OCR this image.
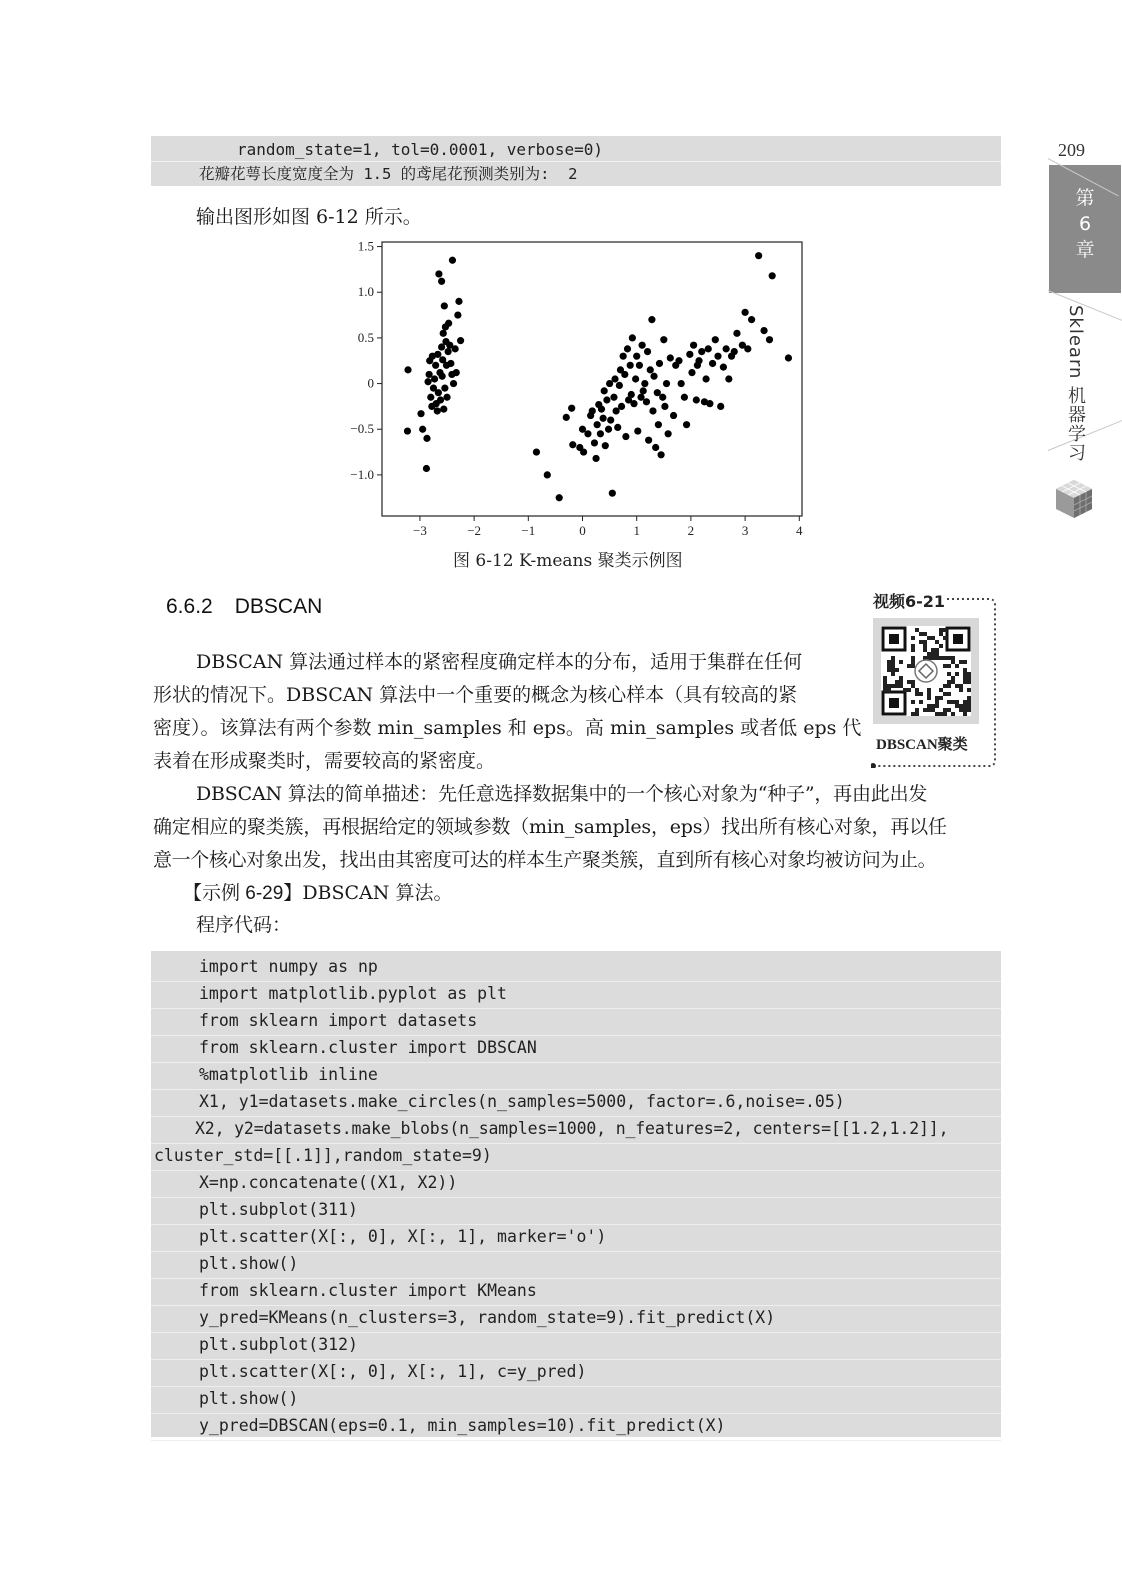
random_state=1, tol=0.0001, verbose=0)
花瓣花萼长度宽度全为 1.5 的鸢尾花预测类别为:  2
209
第
6
章
Sklearn 机器学习
输出图形如图 6-12 所示。
−3	−2	−1	0	1	2	3	4
−1.0
−0.5
0
0.5
1.0
1.5
图 6-12 K-means 聚类示例图
6.6.2 DBSCAN	视频6-21
DBSCAN聚类
DBSCAN 算法通过样本的紧密程度确定样本的分布，适用于集群在任何
形状的情况下。DBSCAN 算法中一个重要的概念为核心样本（具有较高的紧
密度）。该算法有两个参数 min_samples 和 eps。高 min_samples 或者低 eps 代
表着在形成聚类时，需要较高的紧密度。
DBSCAN 算法的简单描述：先任意选择数据集中的一个核心对象为“种子”，再由此出发
确定相应的聚类簇，再根据给定的领域参数（min_samples，eps）找出所有核心对象，再以任
意一个核心对象出发，找出由其密度可达的样本生产聚类簇，直到所有核心对象均被访问为止。
【示例 6-29】DBSCAN 算法。
程序代码：
import numpy as np
import matplotlib.pyplot as plt
from sklearn import datasets
from sklearn.cluster import DBSCAN
%matplotlib inline
X1, y1=datasets.make_circles(n_samples=5000, factor=.6,noise=.05)
X2, y2=datasets.make_blobs(n_samples=1000, n_features=2, centers=[[1.2,1.2]],
cluster_std=[[.1]],random_state=9)
X=np.concatenate((X1, X2))
plt.subplot(311)
plt.scatter(X[:, 0], X[:, 1], marker='o')
plt.show()
from sklearn.cluster import KMeans
y_pred=KMeans(n_clusters=3, random_state=9).fit_predict(X)
plt.subplot(312)
plt.scatter(X[:, 0], X[:, 1], c=y_pred)
plt.show()
y_pred=DBSCAN(eps=0.1, min_samples=10).fit_predict(X)
